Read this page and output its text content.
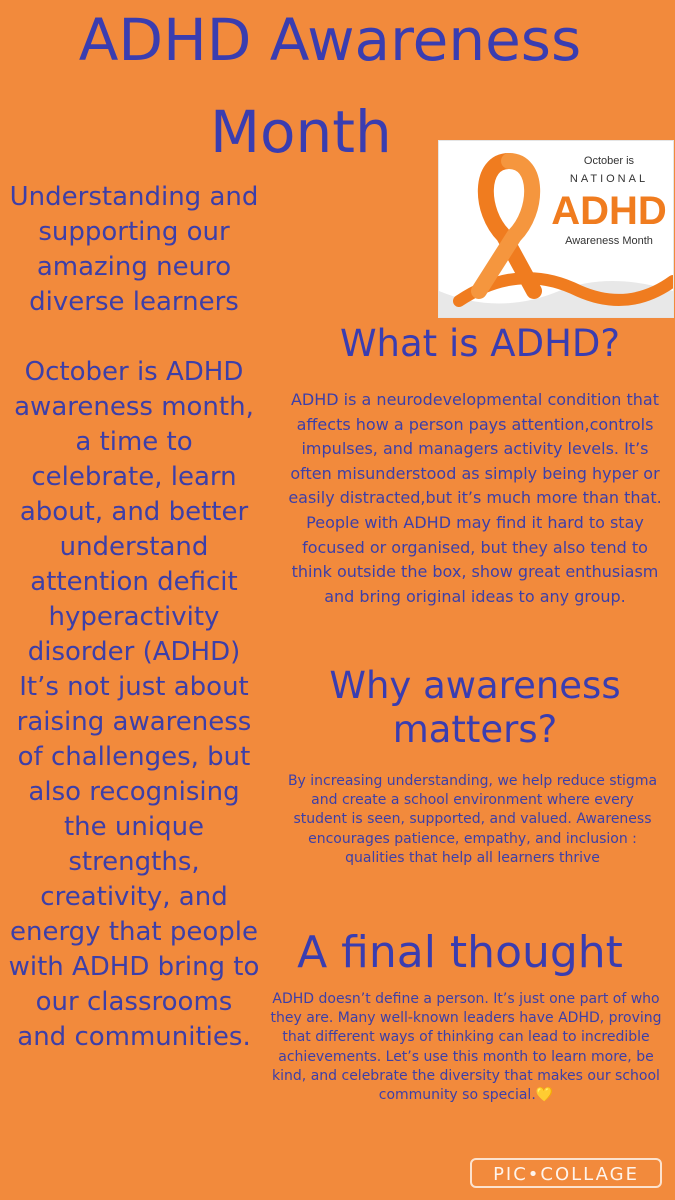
ADHD Awareness
Month

Understanding and supporting our amazing neuro diverse learners

October is ADHD awareness month, a time to celebrate, learn about, and better understand attention deficit hyperactivity disorder (ADHD) It’s not just about raising awareness of challenges, but also recognising the unique strengths, creativity, and energy that people with ADHD bring to our classrooms and communities.

October is
NATIONAL
ADHD
Awareness Month
What is ADHD?

ADHD is a neurodevelopmental condition that affects how a person pays attention,controls impulses, and managers activity levels. It’s often misunderstood as simply being hyper or easily distracted,but it’s much more than that. People with ADHD may find it hard to stay focused or organised, but they also tend to think outside the box, show great enthusiasm and bring original ideas to any group.

Why awareness matters?

By increasing understanding, we help reduce stigma and create a school environment where every student is seen, supported, and valued. Awareness encourages patience, empathy, and inclusion : qualities that help all learners thrive

A final thought

ADHD doesn’t define a person. It’s just one part of who they are. Many well-known leaders have ADHD, proving that different ways of thinking can lead to incredible achievements. Let’s use this month to learn more, be kind, and celebrate the diversity that makes our school community so special.💛

PIC•COLLAGE
